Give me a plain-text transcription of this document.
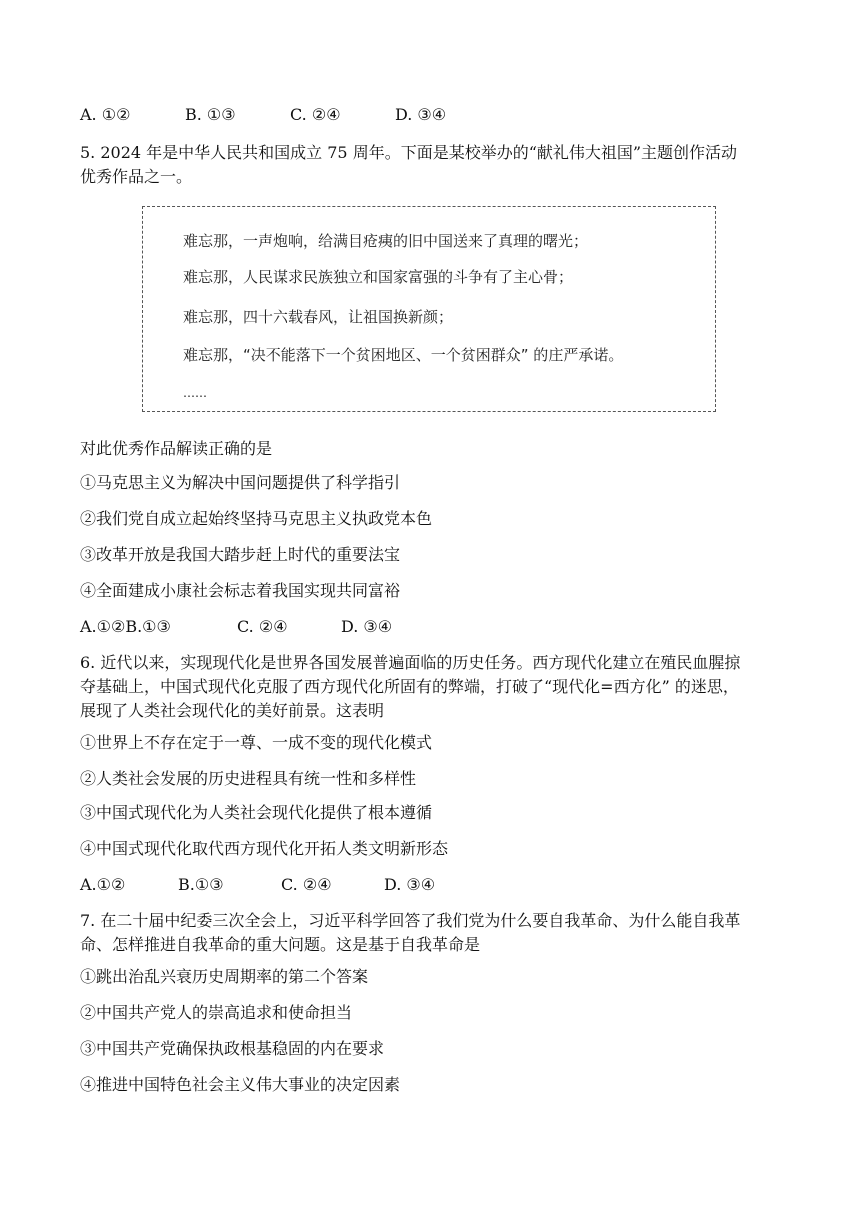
A. ①②	B. ①③	C. ②④	D. ③④
5. 2024 年是中华人民共和国成立 75 周年。下面是某校举办的“献礼伟大祖国”主题创作活动
优秀作品之一。
难忘那，一声炮响，给满目疮痍的旧中国送来了真理的曙光；
难忘那，人民谋求民族独立和国家富强的斗争有了主心骨；
难忘那，四十六载春风，让祖国换新颜；
难忘那，“决不能落下一个贫困地区、一个贫困群众” 的庄严承诺。
……
对此优秀作品解读正确的是
①马克思主义为解决中国问题提供了科学指引
②我们党自成立起始终坚持马克思主义执政党本色
③改革开放是我国大踏步赶上时代的重要法宝
④全面建成小康社会标志着我国实现共同富裕
A.①②B.①③	C. ②④	D. ③④
6. 近代以来，实现现代化是世界各国发展普遍面临的历史任务。西方现代化建立在殖民血腥掠
夺基础上，中国式现代化克服了西方现代化所固有的弊端，打破了“现代化=西方化” 的迷思，
展现了人类社会现代化的美好前景。这表明
①世界上不存在定于一尊、一成不变的现代化模式
②人类社会发展的历史进程具有统一性和多样性
③中国式现代化为人类社会现代化提供了根本遵循
④中国式现代化取代西方现代化开拓人类文明新形态
A.①②	B.①③	C. ②④	D. ③④
7. 在二十届中纪委三次全会上，习近平科学回答了我们党为什么要自我革命、为什么能自我革
命、怎样推进自我革命的重大问题。这是基于自我革命是
①跳出治乱兴衰历史周期率的第二个答案
②中国共产党人的崇高追求和使命担当
③中国共产党确保执政根基稳固的内在要求
④推进中国特色社会主义伟大事业的决定因素
